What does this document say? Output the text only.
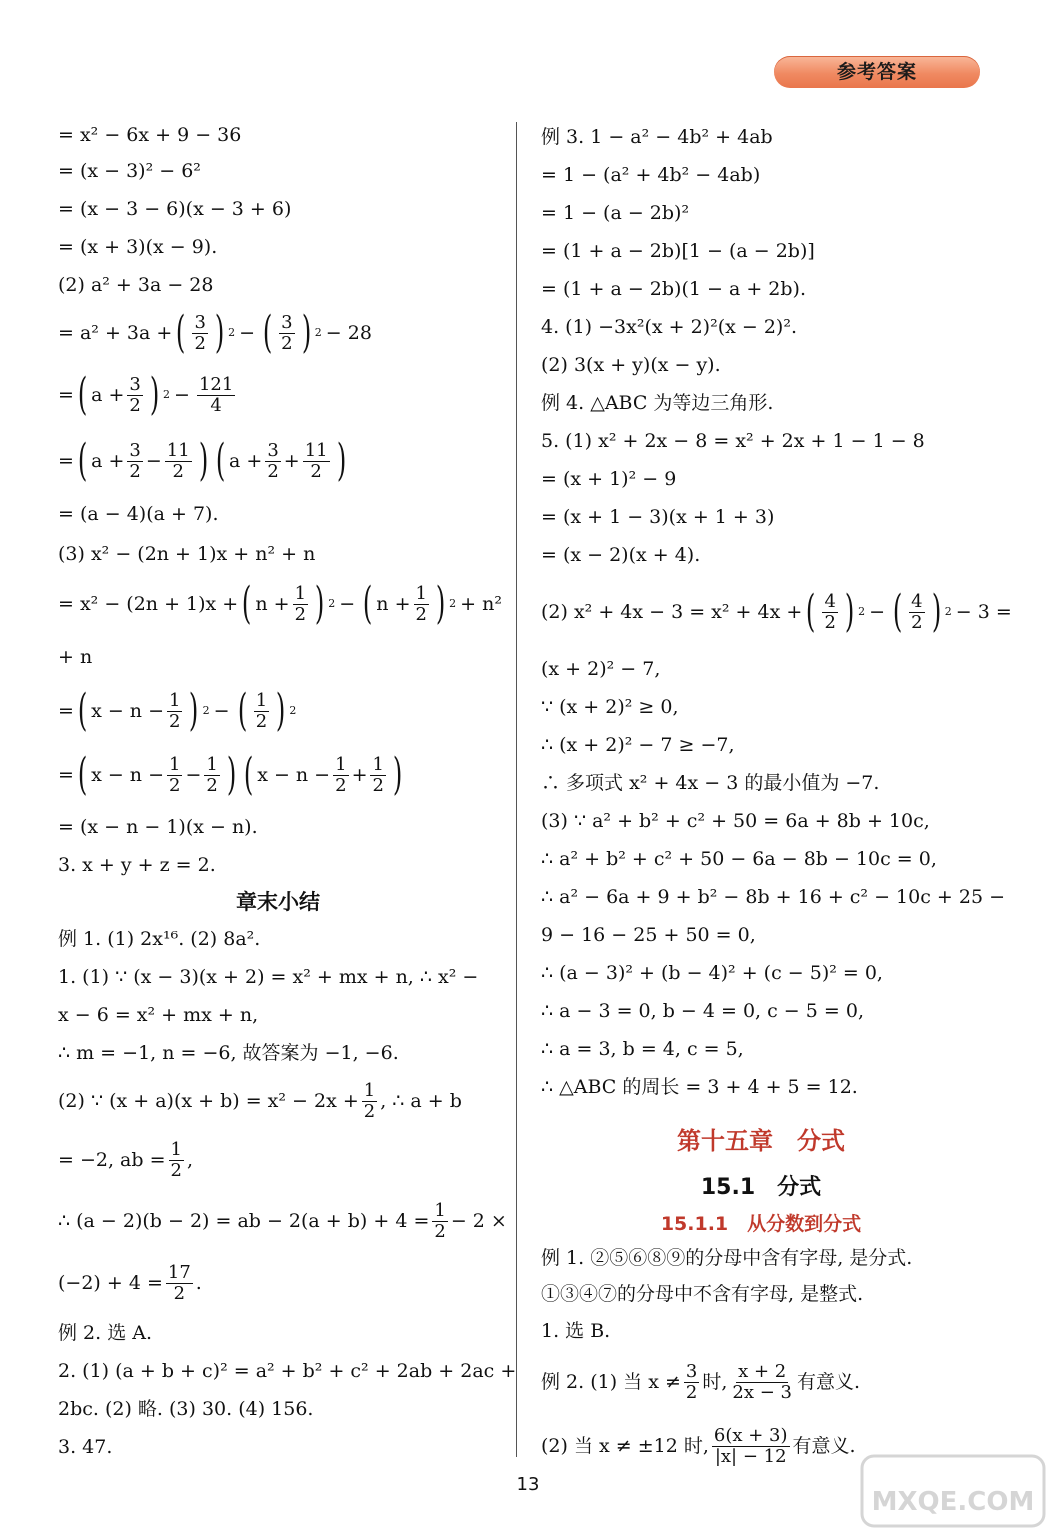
参考答案
= x² − 6x + 9 − 36
= (x − 3)² − 6²
= (x − 3 − 6)(x − 3 + 6)
= (x + 3)(x − 9).
(2) a² + 3a − 28
= a² + 3a + ( $\frac{3}{2}$ ) 2 − ( $\frac{3}{2}$ ) 2 − 28
= ( $a + \frac{3}{2}$ ) $2 - \frac{121}{4}$
= ( $a + \frac{3}{2} - \frac{11}{2}$ ) ( $a + \frac{3}{2} + \frac{11}{2}$ )
= (a − 4)(a + 7).
(3) x² − (2n + 1)x + n² + n
= x² − (2n + 1)x + ( $n + \frac{1}{2}$ ) 2 − ( $n + \frac{1}{2}$ ) 2 + n²
+ n
= ( $x - n - \frac{1}{2}$ ) 2 − ( $\frac{1}{2}$ ) 2
= ( $x - n - \frac{1}{2} - \frac{1}{2}$ ) ( $x - n - \frac{1}{2} + \frac{1}{2}$ )
= (x − n − 1)(x − n).
3. x + y + z = 2.
章末小结
例 1. (1) 2x¹⁶. (2) 8a².
1. (1) ∵ (x − 3)(x + 2) = x² + mx + n, ∴ x² −
x − 6 = x² + mx + n,
∴ m = −1, n = −6, 故答案为 −1, −6.
(2) ∵ $(x + a)(x + b) = x^2 - 2x + \frac{1}{2}$ , ∴ a + b
= −2, ab = $\frac{1}{2}$ ,
∴ (a − 2)(b − 2) = ab − $2(a + b) + 4 = \frac{1}{2} - 2$ ×
$(-2) + 4 = \frac{17}{2}$ .
例 2. 选 A.
2. (1) (a + b + c)² = a² + b² + c² + 2ab + 2ac +
2bc. (2) 略. (3) 30. (4) 156.
3. 47.
例 3. 1 − a² − 4b² + 4ab
= 1 − (a² + 4b² − 4ab)
= 1 − (a − 2b)²
= (1 + a − 2b)[1 − (a − 2b)]
= (1 + a − 2b)(1 − a + 2b).
4. (1) −3x²(x + 2)²(x − 2)².
(2) 3(x + y)(x − y).
例 4. △ABC 为等边三角形.
5. (1) x² + 2x − 8 = x² + 2x + 1 − 1 − 8
= (x + 1)² − 9
= (x + 1 − 3)(x + 1 + 3)
= (x − 2)(x + 4).
(2) x² + 4x − 3 = x² + 4x + ( $\frac{4}{2}$ ) 2 − ( $\frac{4}{2}$ ) 2 − 3 =
(x + 2)² − 7,
∵ (x + 2)² ≥ 0,
∴ (x + 2)² − 7 ≥ −7,
∴ 多项式 x² + 4x − 3 的最小值为 −7.
(3) ∵ a² + b² + c² + 50 = 6a + 8b + 10c,
∴ a² + b² + c² + 50 − 6a − 8b − 10c = 0,
∴ a² − 6a + 9 + b² − 8b + 16 + c² − 10c + 25 −
9 − 16 − 25 + 50 = 0,
∴ (a − 3)² + (b − 4)² + (c − 5)² = 0,
∴ a − 3 = 0, b − 4 = 0, c − 5 = 0,
∴ a = 3, b = 4, c = 5,
∴ △ABC 的周长 = 3 + 4 + 5 = 12.
第十五章　分式
15.1　分式
15.1.1　从分数到分式
例 1. ②⑤⑥⑧⑨的分母中含有字母, 是分式.
①③④⑦的分母中不含有字母, 是整式.
1. 选 B.
例 2. (1) 当 $x \ne \frac{3}{2}$ 时, $\frac{x + 2}{2x - 3}$ 有意义.
(2) 当 x ≠ ±12 时, $\frac{6(x + 3)}{|x| - 12}$ 有意义.
13
MXQE.COM
